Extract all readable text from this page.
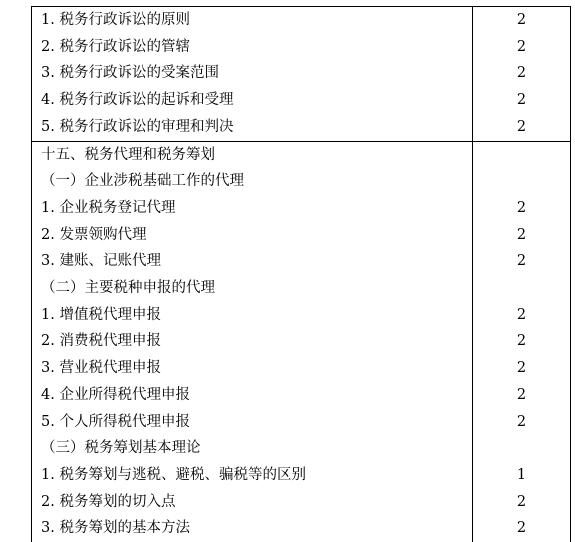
1. 税务行政诉讼的原则	2
2. 税务行政诉讼的管辖	2
3. 税务行政诉讼的受案范围	2
4. 税务行政诉讼的起诉和受理	2
5. 税务行政诉讼的审理和判决	2
十五、税务代理和税务筹划	
（一）企业涉税基础工作的代理	
1. 企业税务登记代理	2
2. 发票领购代理	2
3. 建账、记账代理	2
（二）主要税种申报的代理	
1. 增值税代理申报	2
2. 消费税代理申报	2
3. 营业税代理申报	2
4. 企业所得税代理申报	2
5. 个人所得税代理申报	2
（三）税务筹划基本理论	
1. 税务筹划与逃税、避税、骗税等的区别	1
2. 税务筹划的切入点	2
3. 税务筹划的基本方法	2
